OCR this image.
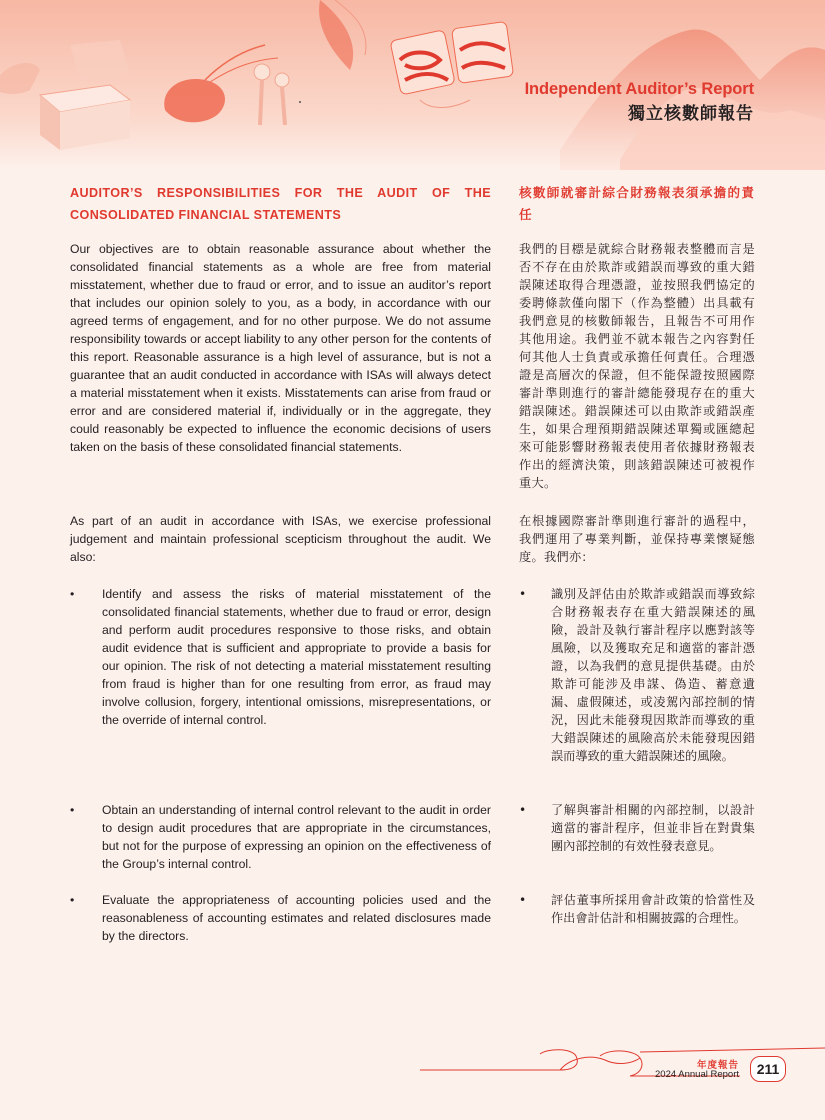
Independent Auditor’s Report
獨立核數師報告
AUDITOR’S RESPONSIBILITIES FOR THE AUDIT OF THE CONSOLIDATED FINANCIAL STATEMENTS

Our objectives are to obtain reasonable assurance about whether the consolidated financial statements as a whole are free from material misstatement, whether due to fraud or error, and to issue an auditor’s report that includes our opinion solely to you, as a body, in accordance with our agreed terms of engagement, and for no other purpose. We do not assume responsibility towards or accept liability to any other person for the contents of this report. Reasonable assurance is a high level of assurance, but is not a guarantee that an audit conducted in accordance with ISAs will always detect a material misstatement when it exists. Misstatements can arise from fraud or error and are considered material if, individually or in the aggregate, they could reasonably be expected to influence the economic decisions of users taken on the basis of these consolidated financial statements.

As part of an audit in accordance with ISAs, we exercise professional judgement and maintain professional scepticism throughout the audit. We also:

• Identify and assess the risks of material misstatement of the consolidated financial statements, whether due to fraud or error, design and perform audit procedures responsive to those risks, and obtain audit evidence that is sufficient and appropriate to provide a basis for our opinion. The risk of not detecting a material misstatement resulting from fraud is higher than for one resulting from error, as fraud may involve collusion, forgery, intentional omissions, misrepresentations, or the override of internal control.

• Obtain an understanding of internal control relevant to the audit in order to design audit procedures that are appropriate in the circumstances, but not for the purpose of expressing an opinion on the effectiveness of the Group’s internal control.

• Evaluate the appropriateness of accounting policies used and the reasonableness of accounting estimates and related disclosures made by the directors.

核數師就審計綜合財務報表須承擔的責任

我們的目標是就綜合財務報表整體而言是否不存在由於欺詐或錯誤而導致的重大錯誤陳述取得合理憑證，並按照我們協定的委聘條款僅向閣下（作為整體）出具載有我們意見的核數師報告，且報告不可用作其他用途。我們並不就本報告之內容對任何其他人士負責或承擔任何責任。合理憑證是高層次的保證，但不能保證按照國際審計準則進行的審計總能發現存在的重大錯誤陳述。錯誤陳述可以由欺詐或錯誤產生，如果合理預期錯誤陳述單獨或匯總起來可能影響財務報表使用者依據財務報表作出的經濟決策，則該錯誤陳述可被視作重大。

在根據國際審計準則進行審計的過程中，我們運用了專業判斷，並保持專業懷疑態度。我們亦：

• 識別及評估由於欺詐或錯誤而導致綜合財務報表存在重大錯誤陳述的風險，設計及執行審計程序以應對該等風險，以及獲取充足和適當的審計憑證，以為我們的意見提供基礎。由於欺詐可能涉及串謀、偽造、蓄意遺漏、虛假陳述，或凌駕內部控制的情況，因此未能發現因欺詐而導致的重大錯誤陳述的風險高於未能發現因錯誤而導致的重大錯誤陳述的風險。

• 了解與審計相關的內部控制，以設計適當的審計程序，但並非旨在對貴集團內部控制的有效性發表意見。

• 評估董事所採用會計政策的恰當性及作出會計估計和相關披露的合理性。

年度報告
2024 Annual Report	211
